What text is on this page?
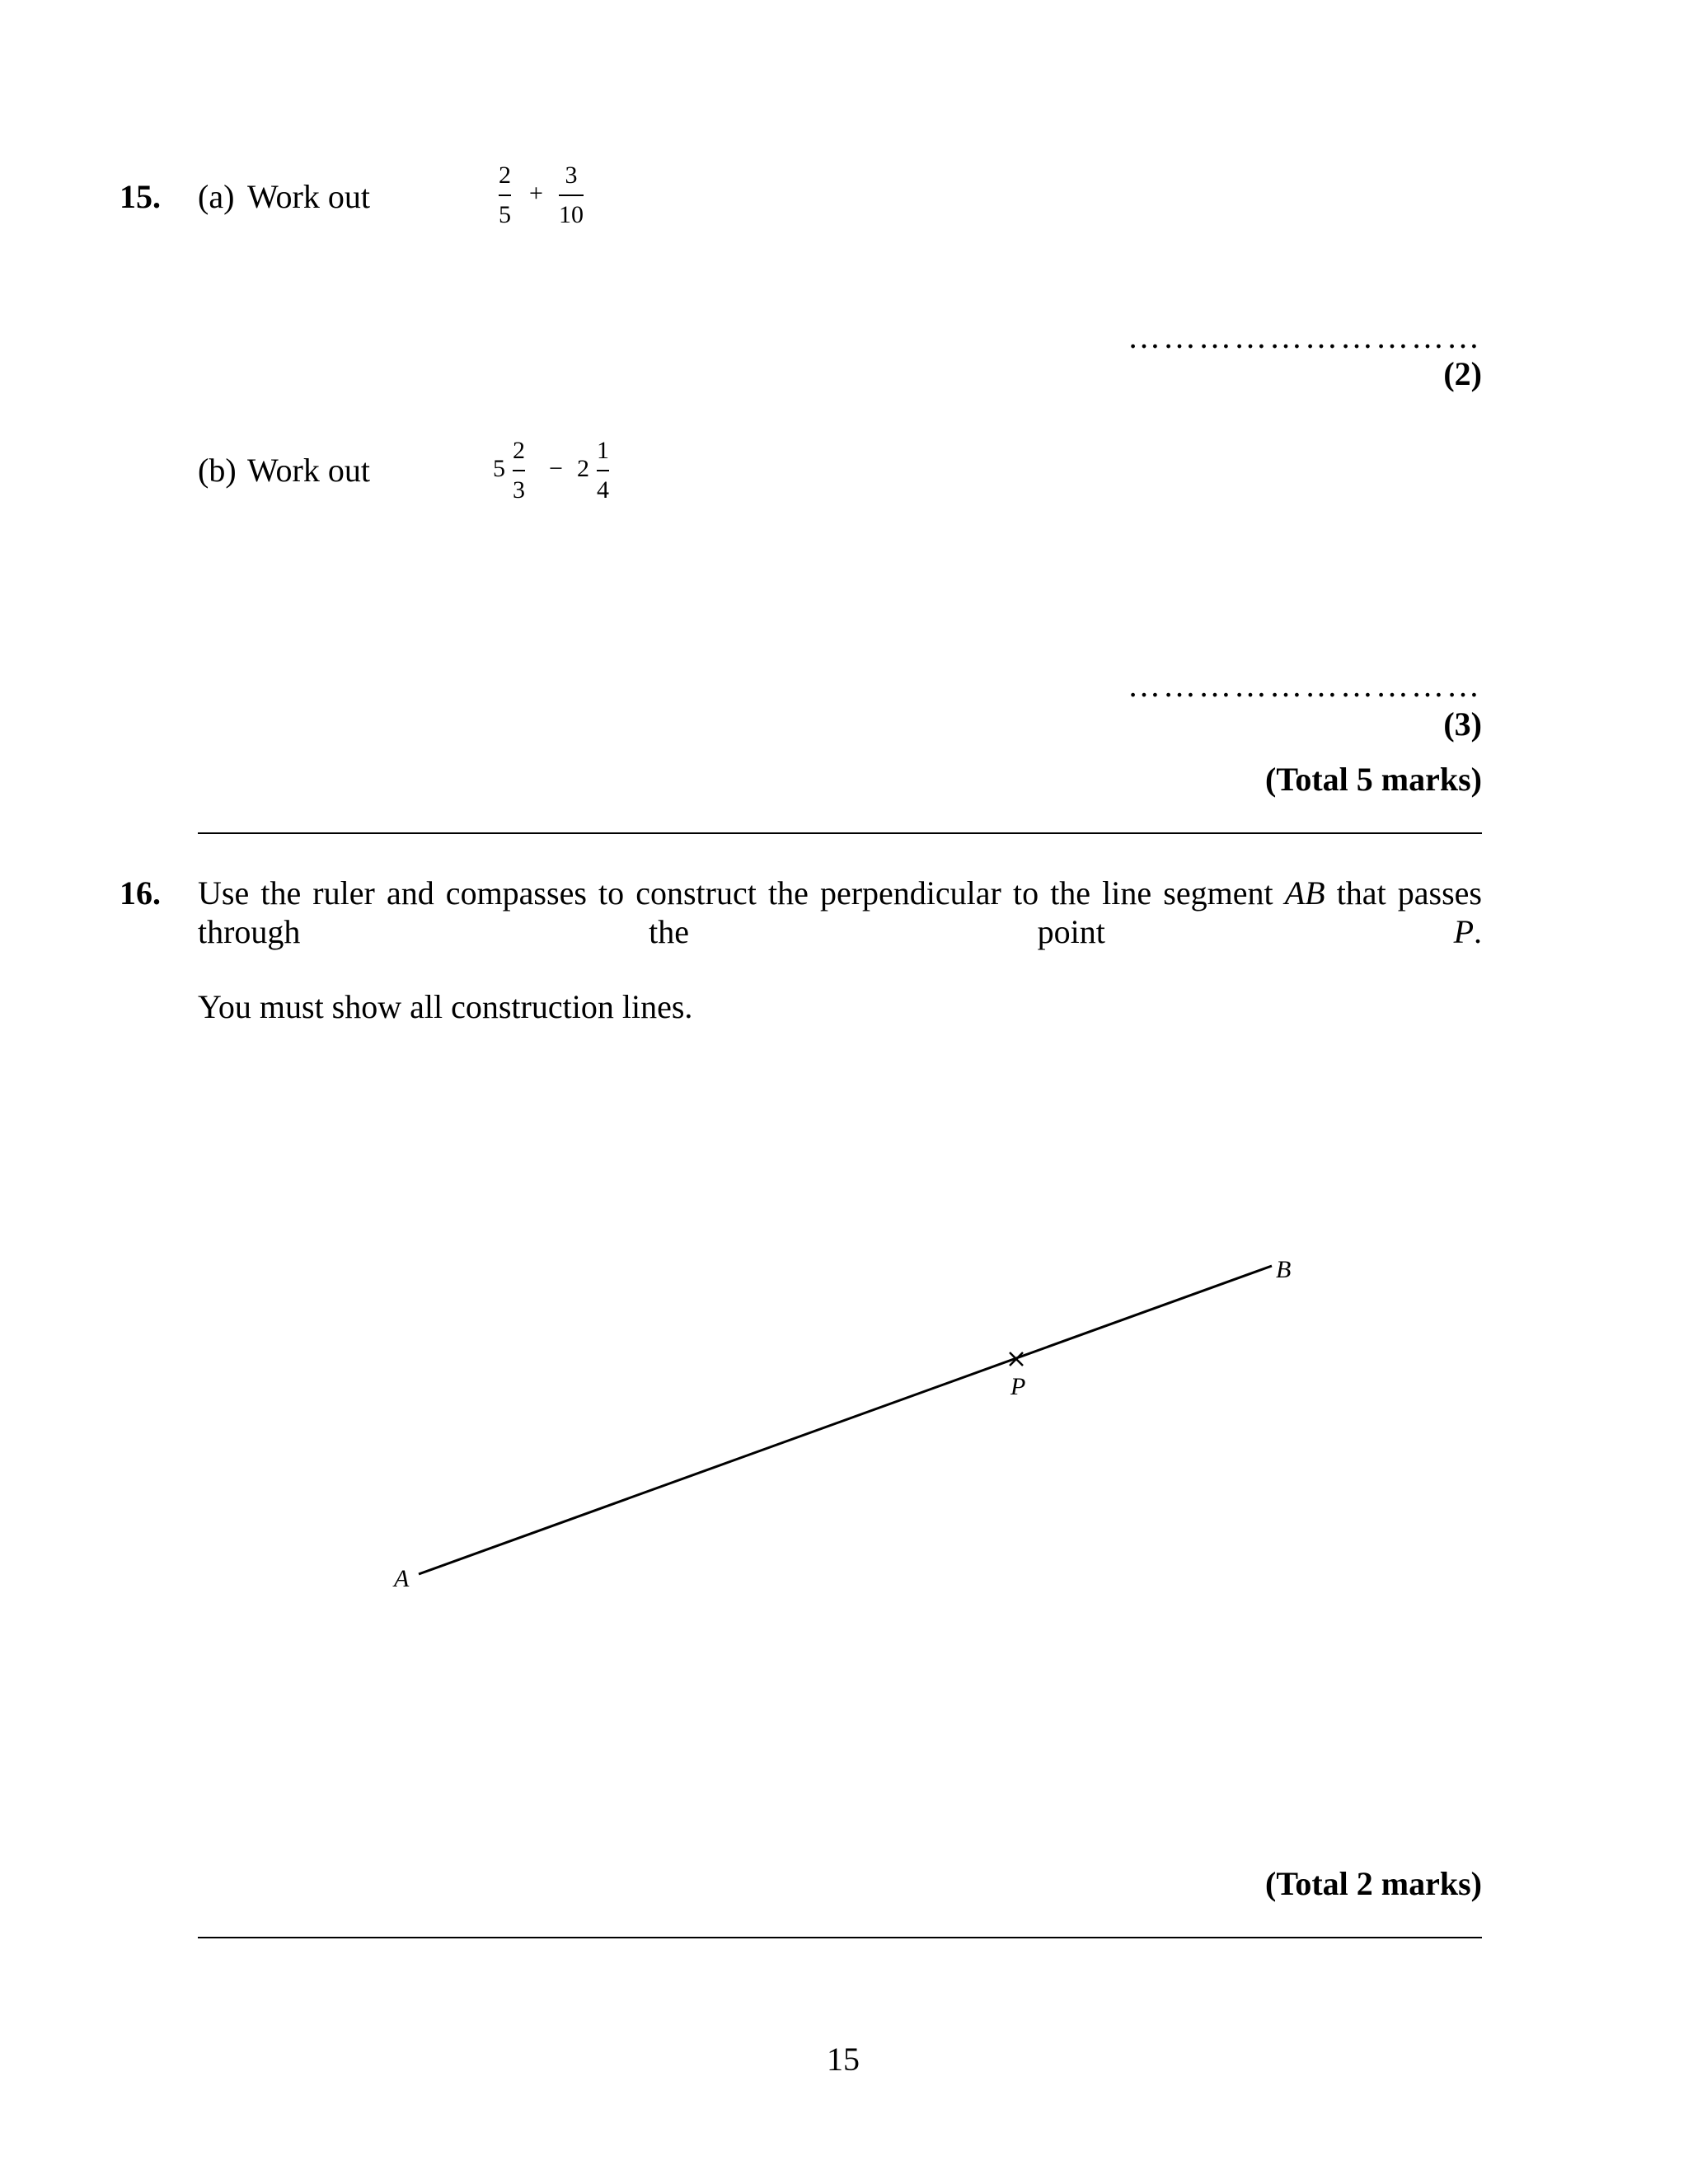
15. (a) Work out
2
5
+
3
10
…………………………
(2)
(b) Work out	5
2
3
− 2
1
4
…………………………
(3)
(Total 5 marks)
16. Use the ruler and compasses to construct the perpendicular to the line segment AB that passes through the point P.
You must show all construction lines.
A
B
P
(Total 2 marks)
15
